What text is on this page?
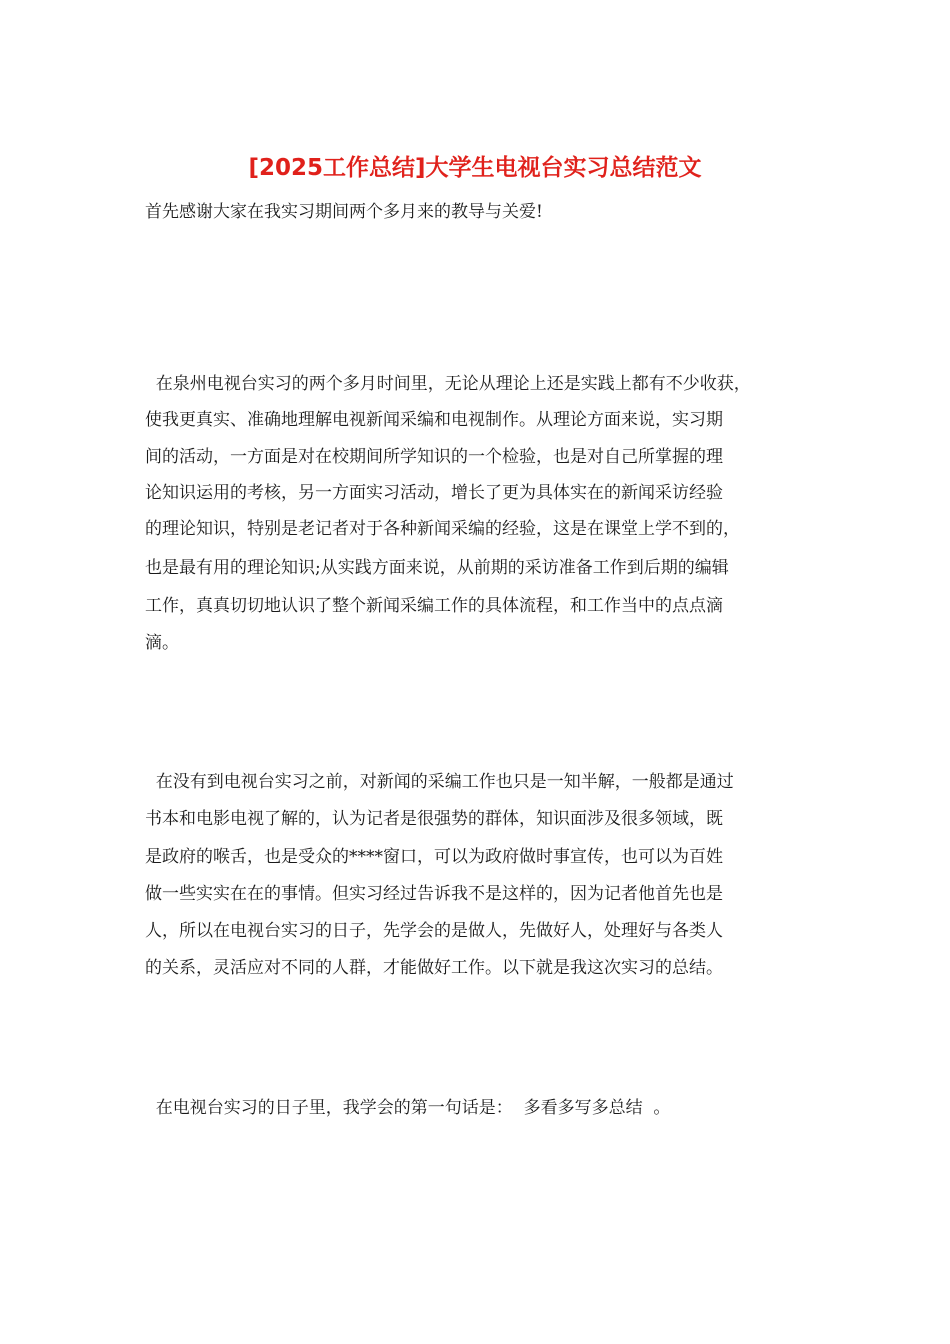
[2025工作总结]大学生电视台实习总结范文
首先感谢大家在我实习期间两个多月来的教导与关爱!
在泉州电视台实习的两个多月时间里，无论从理论上还是实践上都有不少收获，
使我更真实、准确地理解电视新闻采编和电视制作。从理论方面来说，实习期
间的活动，一方面是对在校期间所学知识的一个检验，也是对自己所掌握的理
论知识运用的考核，另一方面实习活动，增长了更为具体实在的新闻采访经验
的理论知识，特别是老记者对于各种新闻采编的经验，这是在课堂上学不到的，
也是最有用的理论知识;从实践方面来说，从前期的采访准备工作到后期的编辑
工作，真真切切地认识了整个新闻采编工作的具体流程，和工作当中的点点滴
滴。
在没有到电视台实习之前，对新闻的采编工作也只是一知半解，一般都是通过
书本和电影电视了解的，认为记者是很强势的群体，知识面涉及很多领域，既
是政府的喉舌，也是受众的****窗口，可以为政府做时事宣传，也可以为百姓
做一些实实在在的事情。但实习经过告诉我不是这样的，因为记者他首先也是
人，所以在电视台实习的日子，先学会的是做人，先做好人，处理好与各类人
的关系，灵活应对不同的人群，才能做好工作。以下就是我这次实习的总结。
在电视台实习的日子里，我学会的第一句话是：  多看多写多总结  。
